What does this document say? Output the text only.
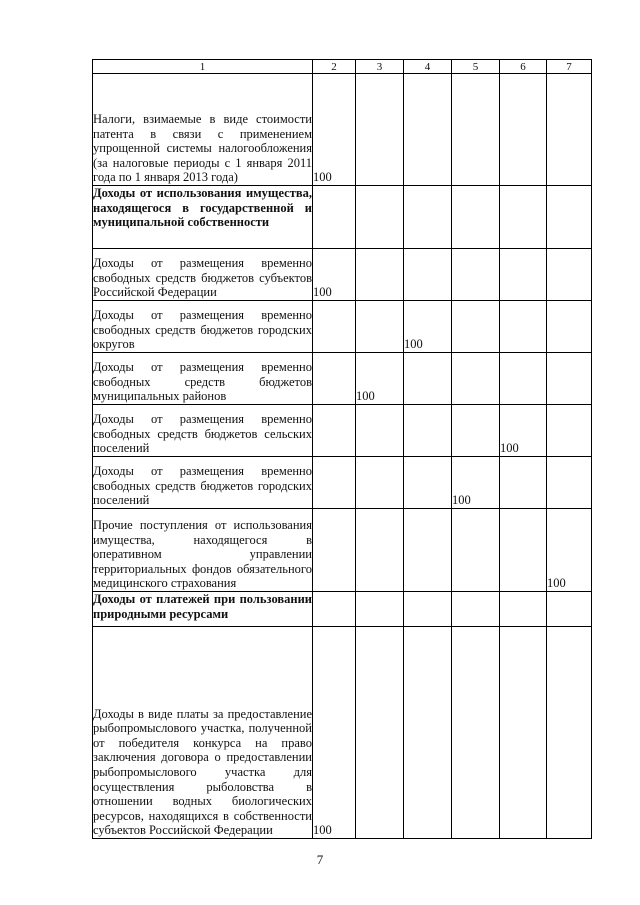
1	2	3	4	5	6	7
Налоги, взимаемые в виде стоимости патента в связи с применением упрощенной системы налогообложения (за налоговые периоды с 1 января 2011 года по 1 января 2013 года)	100					
Доходы от использования имущества, находящегося в государственной и муниципальной собственности						
Доходы от размещения временно свободных средств бюджетов субъектов Российской Федерации	100					
Доходы от размещения временно свободных средств бюджетов городских округов			100			
Доходы от размещения временно свободных средств бюджетов муниципальных районов		100				
Доходы от размещения временно свободных средств бюджетов сельских поселений					100	
Доходы от размещения временно свободных средств бюджетов городских поселений				100		
Прочие поступления от использования имущества, находящегося в оперативном управлении территориальных фондов обязательного медицинского страхования						100
Доходы от платежей при пользовании природными ресурсами						
Доходы в виде платы за предоставление рыбопромыслового участка, полученной от победителя конкурса на право заключения договора о предоставлении рыбопромыслового участка для осуществления рыболовства в отношении водных биологических ресурсов, находящихся в собственности субъектов Российской Федерации	100					
7
